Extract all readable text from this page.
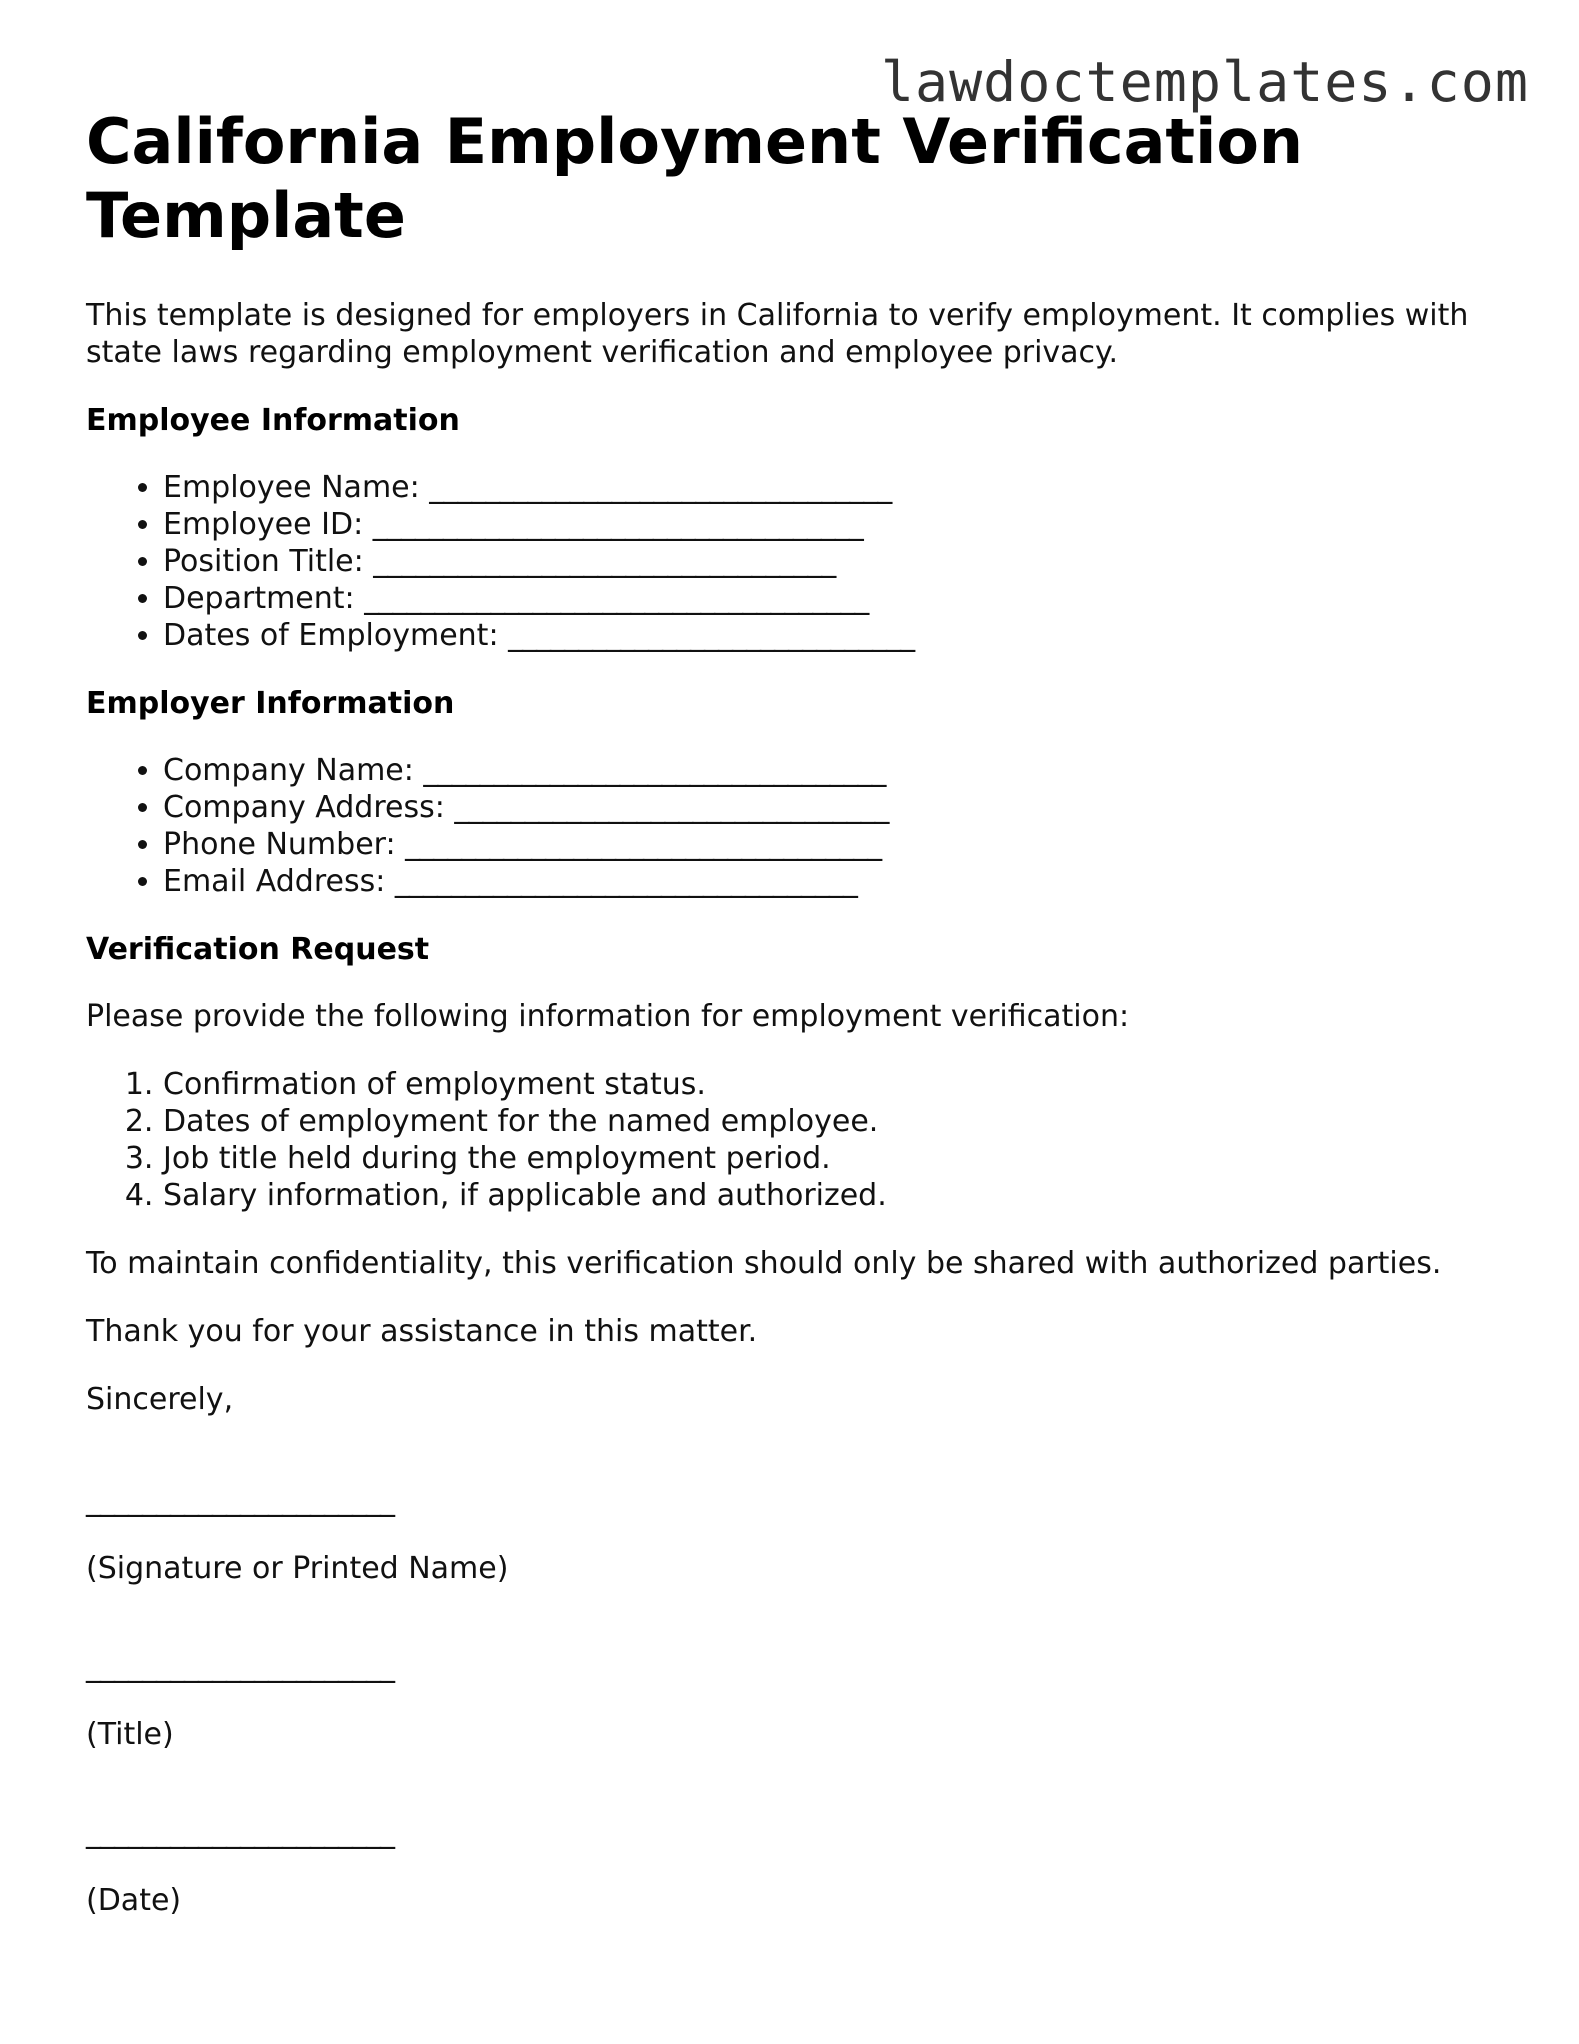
lawdoctemplates.com
California Employment Verification Template

This template is designed for employers in California to verify employment. It complies with state laws regarding employment verification and employee privacy.

Employee Information
• Employee Name: _________________________________
• Employee ID: ___________________________________
• Position Title: _________________________________
• Department: ____________________________________
• Dates of Employment: _____________________________
Employer Information
• Company Name: _________________________________
• Company Address: _______________________________
• Phone Number: __________________________________
• Email Address: _________________________________
Verification Request

Please provide the following information for employment verification:

1. Confirmation of employment status.
2. Dates of employment for the named employee.
3. Job title held during the employment period.
4. Salary information, if applicable and authorized.

To maintain confidentiality, this verification should only be shared with authorized parties.

Thank you for your assistance in this matter.

Sincerely,

______________________

(Signature or Printed Name)

______________________

(Title)

______________________

(Date)
